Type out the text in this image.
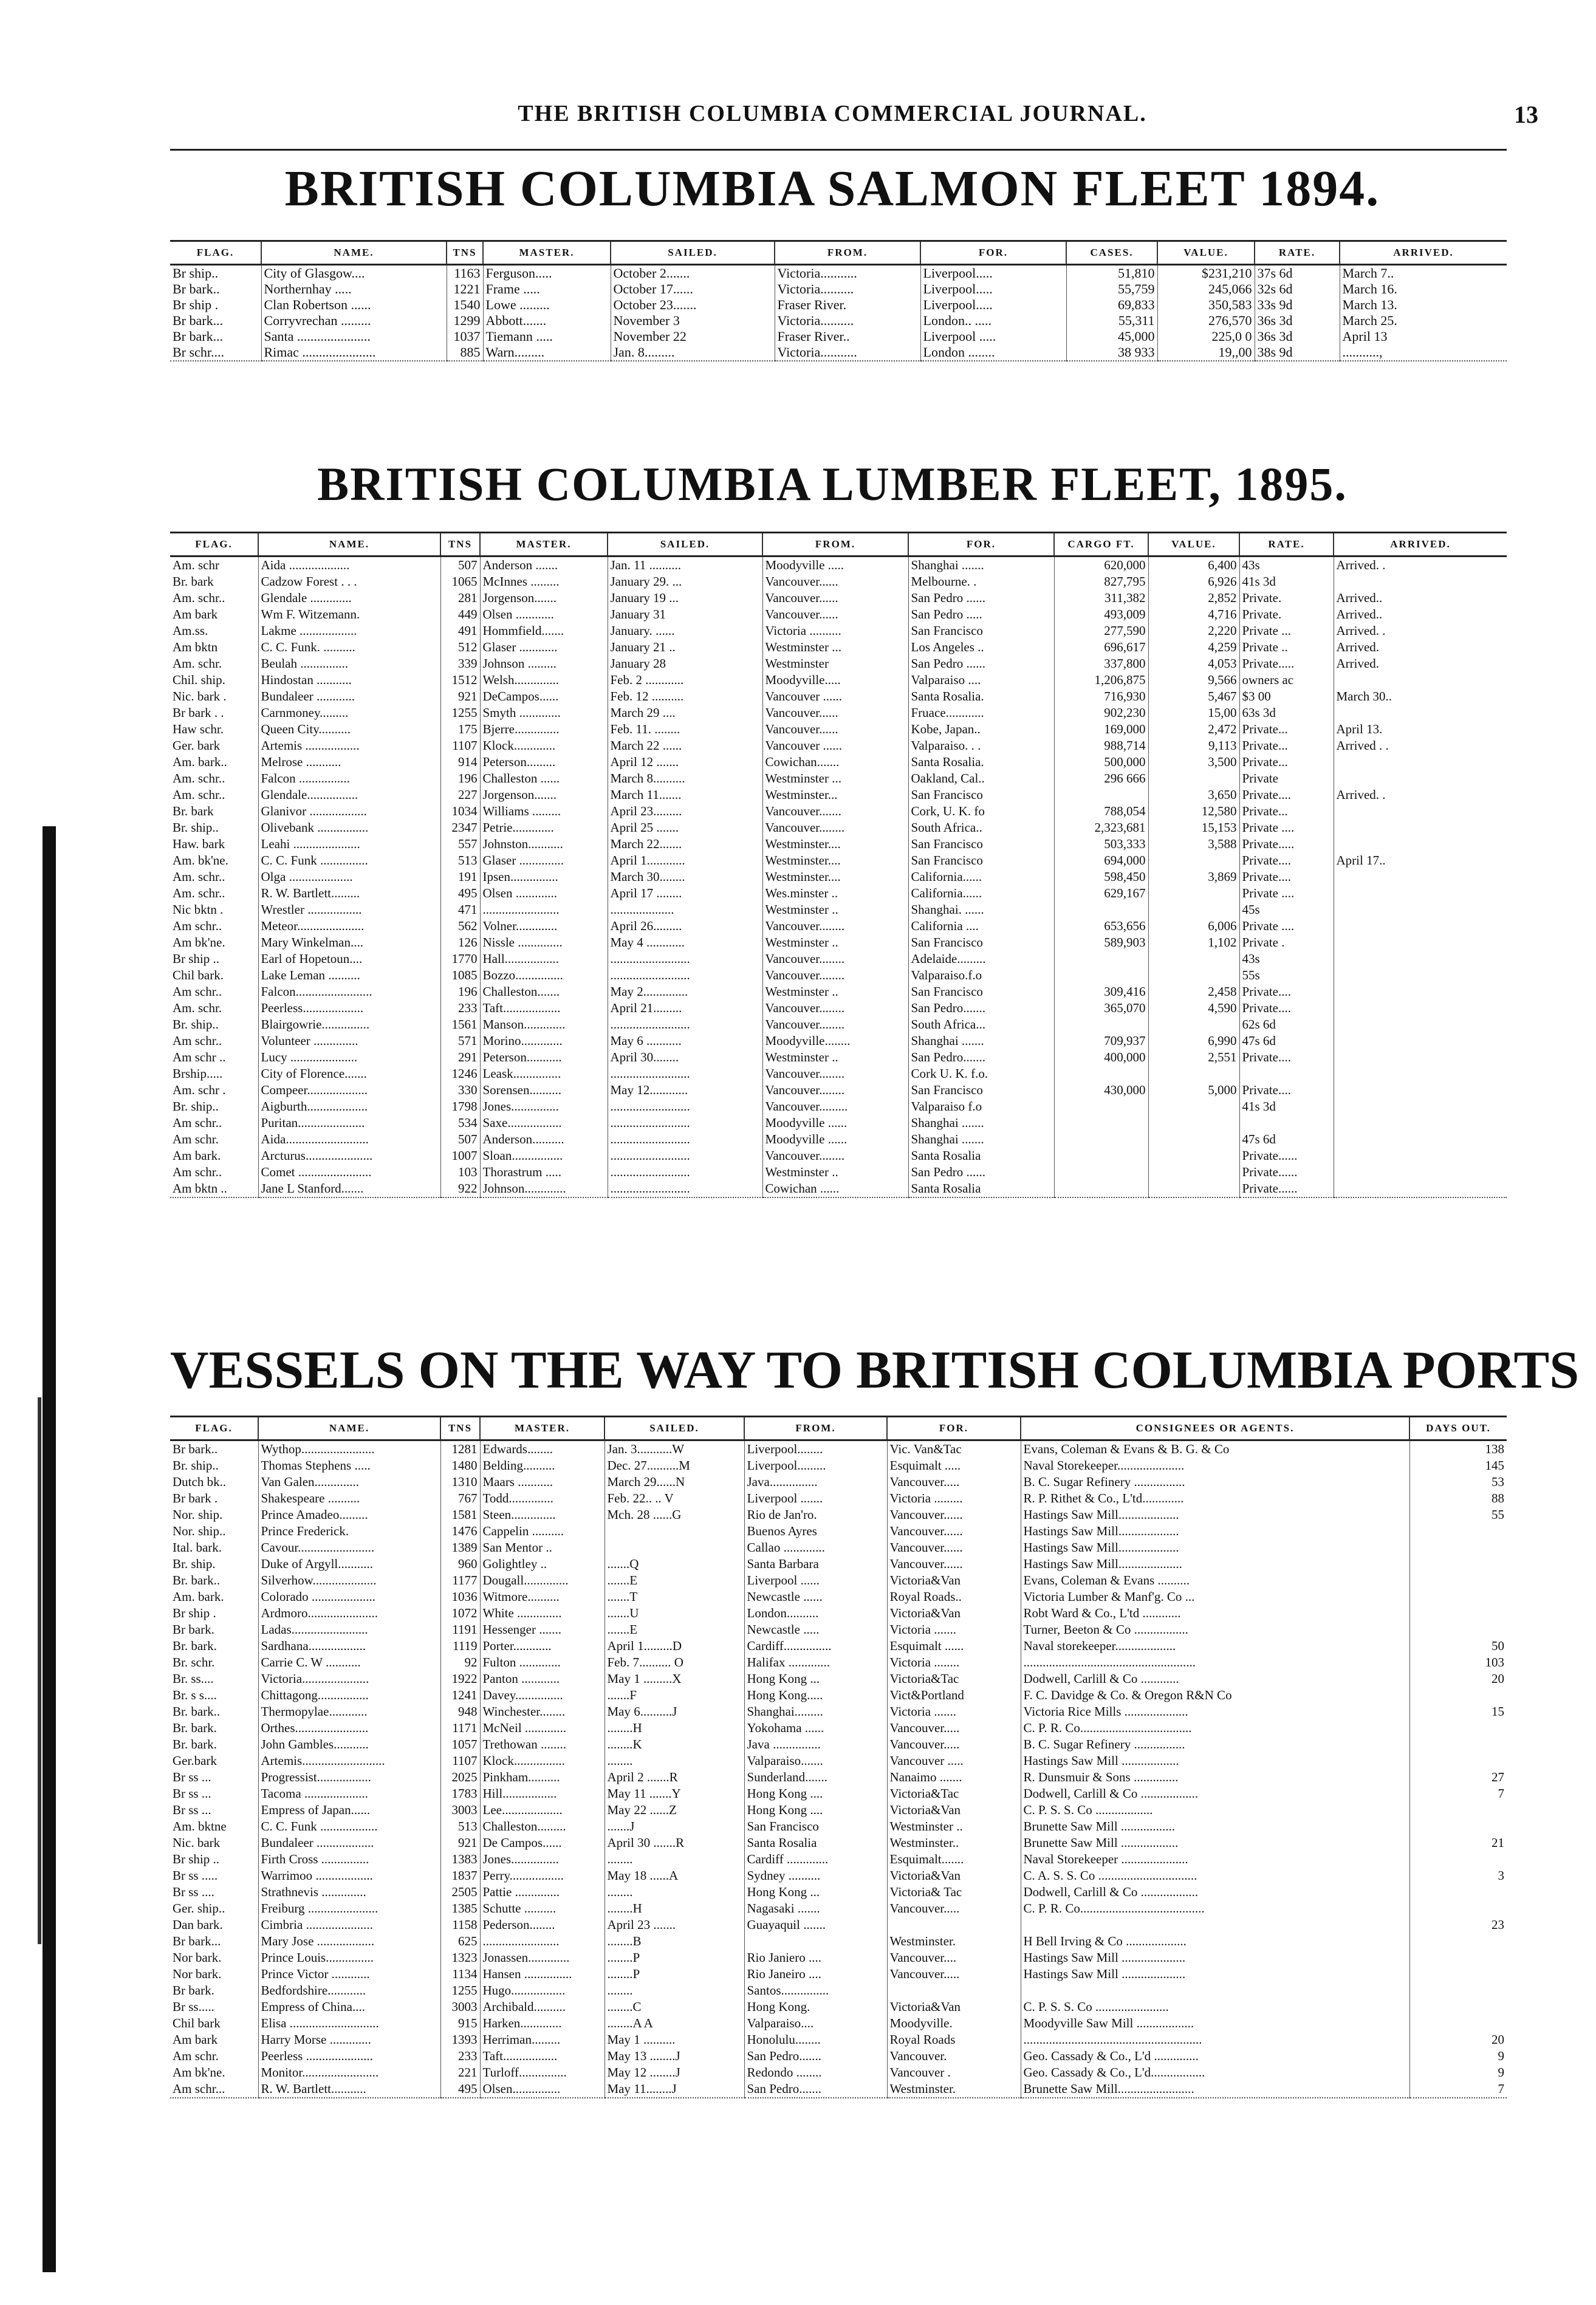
THE BRITISH COLUMBIA COMMERCIAL JOURNAL.	13
BRITISH COLUMBIA SALMON FLEET 1894.
FLAG.	NAME.	TNS	MASTER.	SAILED.	FROM.	FOR.	CASES.	VALUE.	RATE.	ARRIVED.
Br ship..	City of Glasgow....	1163	Ferguson.....	October 2.......	Victoria...........	Liverpool.....	51,810	$231,210	37s 6d	March 7..
Br bark..	Northernhay .....	1221	Frame .....	October 17......	Victoria..........	Liverpool.....	55,759	245,066	32s 6d	March 16.
Br ship .	Clan Robertson ......	1540	Lowe .........	October 23.......	Fraser River.	Liverpool.....	69,833	350,583	33s 9d	March 13.
Br bark...	Corryvrechan .........	1299	Abbott.......	November 3	Victoria..........	London.. .....	55,311	276,570	36s 3d	March 25.
Br bark...	Santa ......................	1037	Tiemann .....	November 22	Fraser River..	Liverpool .....	45,000	225,0 0	36s 3d	April 13
Br schr....	Rimac ......................	885	Warn.........	Jan. 8.........	Victoria...........	London ........	38 933	19,,00	38s 9d	...........,
BRITISH COLUMBIA LUMBER FLEET, 1895.
FLAG.	NAME.	TNS	MASTER.	SAILED.	FROM.	FOR.	CARGO FT.	VALUE.	RATE.	ARRIVED.
Am. schr	Aida ...................	507	Anderson .......	Jan. 11 ..........	Moodyville .....	Shanghai .......	620,000	6,400	43s	Arrived. .
Br. bark	Cadzow Forest . . .	1065	McInnes .........	January 29. ...	Vancouver......	Melbourne. .	827,795	6,926	41s 3d	
Am. schr..	Glendale .............	281	Jorgenson.......	January 19 ...	Vancouver......	San Pedro ......	311,382	2,852	Private.	Arrived..
Am bark	Wm F. Witzemann.	449	Olsen ............	January 31	Vancouver......	San Pedro .....	493,009	4,716	Private.	Arrived..
Am.ss.	Lakme ..................	491	Hommfield.......	January. ......	Victoria ..........	San Francisco	277,590	2,220	Private ...	Arrived. .
Am bktn	C. C. Funk. ..........	512	Glaser ............	January 21 ..	Westminster ...	Los Angeles ..	696,617	4,259	Private ..	Arrived.
Am. schr.	Beulah ...............	339	Johnson .........	January 28	Westminster	San Pedro ......	337,800	4,053	Private.....	Arrived.
Chil. ship.	Hindostan ...........	1512	Welsh..............	Feb. 2 ............	Moodyville.....	Valparaiso ....	1,206,875	9,566	owners ac	
Nic. bark .	Bundaleer ............	921	DeCampos......	Feb. 12 ..........	Vancouver ......	Santa Rosalia.	716,930	5,467	$3 00	March 30..
Br bark . .	Carnmoney.........	1255	Smyth .............	March 29 ....	Vancouver......	Fruace............	902,230	15,00	63s 3d	
Haw schr.	Queen City..........	175	Bjerre..............	Feb. 11. ........	Vancouver......	Kobe, Japan..	169,000	2,472	Private...	April 13.
Ger. bark	Artemis .................	1107	Klock.............	March 22 ......	Vancouver ......	Valparaiso. . .	988,714	9,113	Private...	Arrived . .
Am. bark..	Melrose ...........	914	Peterson.........	April 12 .......	Cowichan.......	Santa Rosalia.	500,000	3,500	Private...	
Am. schr..	Falcon ................	196	Challeston ......	March 8..........	Westminster ...	Oakland, Cal..	296 666		Private	
Am. schr..	Glendale................	227	Jorgenson.......	March 11.......	Westminster...	San Francisco		3,650	Private....	Arrived. .
Br. bark	Glanivor ..................	1034	Williams .........	April 23.........	Vancouver.......	Cork, U. K. fo	788,054	12,580	Private...	
Br. ship..	Olivebank ................	2347	Petrie.............	April 25 .......	Vancouver........	South Africa..	2,323,681	15,153	Private ....	
Haw. bark	Leahi .....................	557	Johnston...........	March 22.......	Westminster....	San Francisco	503,333	3,588	Private.....	
Am. bk'ne.	C. C. Funk ...............	513	Glaser ..............	April 1............	Westminster....	San Francisco	694,000		Private....	April 17..
Am. schr..	Olga ....................	191	Ipsen...............	March 30........	Westminster....	California......	598,450	3,869	Private....	
Am. schr..	R. W. Bartlett.........	495	Olsen .............	April 17 ........	Wes.minster ..	California......	629,167		Private ....	
Nic bktn .	Wrestler .................	471	........................	....................	Westminster ..	Shanghai. ......			45s	
Am schr..	Meteor.....................	562	Volner.............	April 26.........	Vancouver........	California ....	653,656	6,006	Private ....	
Am bk'ne.	Mary Winkelman....	126	Nissle ..............	May 4 ............	Westminster ..	San Francisco	589,903	1,102	Private .	
Br ship ..	Earl of Hopetoun....	1770	Hall.................	.........................	Vancouver........	Adelaide.........			43s	
Chil bark.	Lake Leman ..........	1085	Bozzo...............	.........................	Vancouver........	Valparaiso.f.o			55s	
Am schr..	Falcon........................	196	Challeston.......	May 2..............	Westminster ..	San Francisco	309,416	2,458	Private....	
Am. schr.	Peerless...................	233	Taft..................	April 21.........	Vancouver........	San Pedro.......	365,070	4,590	Private....	
Br. ship..	Blairgowrie...............	1561	Manson.............	.........................	Vancouver........	South Africa...			62s 6d	
Am schr..	Volunteer ..............	571	Morino.............	May 6 ...........	Moodyville........	Shanghai .......	709,937	6,990	47s 6d	
Am schr ..	Lucy .....................	291	Peterson...........	April 30........	Westminster ..	San Pedro.......	400,000	2,551	Private....	
Brship.....	City of Florence.......	1246	Leask...............	.........................	Vancouver........	Cork U. K. f.o.				
Am. schr .	Compeer...................	330	Sorensen..........	May 12............	Vancouver........	San Francisco	430,000	5,000	Private....	
Br. ship..	Aigburth...................	1798	Jones...............	.........................	Vancouver.........	Valparaiso f.o			41s 3d	
Am schr..	Puritan.....................	534	Saxe.................	.........................	Moodyville ......	Shanghai .......				
Am schr.	Aida..........................	507	Anderson..........	.........................	Moodyville ......	Shanghai .......			47s 6d	
Am bark.	Arcturus.....................	1007	Sloan................	.........................	Vancouver........	Santa Rosalia			Private......	
Am schr..	Comet .......................	103	Thorastrum .....	.........................	Westminster ..	San Pedro ......			Private......	
Am bktn ..	Jane L Stanford.......	922	Johnson.............	.........................	Cowichan ......	Santa Rosalia			Private......	
VESSELS ON THE WAY TO BRITISH COLUMBIA PORTS
FLAG.	NAME.	TNS	MASTER.	SAILED.	FROM.	FOR.	CONSIGNEES OR AGENTS.	DAYS OUT.
Br bark..	Wythop.......................	1281	Edwards........	Jan. 3...........W	Liverpool........	Vic. Van&Tac	Evans, Coleman & Evans & B. G. & Co	138
Br. ship..	Thomas Stephens .....	1480	Belding..........	Dec. 27..........M	Liverpool.........	Esquimalt .....	Naval Storekeeper.....................	145
Dutch bk..	Van Galen..............	1310	Maars ...........	March 29......N	Java...............	Vancouver.....	B. C. Sugar Refinery ................	53
Br bark .	Shakespeare ..........	767	Todd..............	Feb. 22.. .. V	Liverpool .......	Victoria .........	R. P. Rithet & Co., L'td.............	88
Nor. ship.	Prince Amadeo.........	1581	Steen..............	Mch. 28 ......G	Rio de Jan'ro.	Vancouver......	Hastings Saw Mill...................	55
Nor. ship..	Prince Frederick.	1476	Cappelin ..........		Buenos Ayres	Vancouver......	Hastings Saw Mill...................	
Ital. bark.	Cavour........................	1389	San Mentor ..		Callao .............	Vancouver......	Hastings Saw Mill...................	
Br. ship.	Duke of Argyll...........	960	Golightley ..	.......Q	Santa Barbara	Vancouver......	Hastings Saw Mill....................	
Br. bark..	Silverhow....................	1177	Dougall..............	.......E	Liverpool ......	Victoria&Van	Evans, Coleman & Evans ..........	
Am. bark.	Colorado ....................	1036	Witmore..........	.......T	Newcastle ......	Royal Roads..	Victoria Lumber & Manf'g. Co ...	
Br ship .	Ardmoro......................	1072	White ..............	.......U	London..........	Victoria&Van	Robt Ward & Co., L'td ............	
Br bark.	Ladas........................	1191	Hessenger .......	.......E	Newcastle .....	Victoria .......	Turner, Beeton & Co .................	
Br. bark.	Sardhana..................	1119	Porter............	April 1.........D	Cardiff...............	Esquimalt ......	Naval storekeeper...................	50
Br. schr.	Carrie C. W ...........	92	Fulton .............	Feb. 7.......... O	Halifax .............	Victoria ........	......................................................	103
Br. ss....	Victoria.....................	1922	Panton ............	May 1 .........X	Hong Kong ...	Victoria&Tac	Dodwell, Carlill & Co ............	20
Br. s s....	Chittagong................	1241	Davey...............	.......F	Hong Kong.....	Vict&Portland	F. C. Davidge & Co. & Oregon R&N Co	
Br. bark..	Thermopylae............	948	Winchester........	May 6..........J	Shanghai.........	Victoria .......	Victoria Rice Mills ....................	15
Br. bark.	Orthes.......................	1171	McNeil .............	........H	Yokohama ......	Vancouver.....	C. P. R. Co...................................	
Br. bark.	John Gambles...........	1057	Trethowan ........	........K	Java ...............	Vancouver.....	B. C. Sugar Refinery ................	
Ger.bark	Artemis..........................	1107	Klock................	........	Valparaiso.......	Vancouver .....	Hastings Saw Mill ..................	
Br ss ...	Progressist.................	2025	Pinkham..........	April 2 .......R	Sunderland.......	Nanaimo .......	R. Dunsmuir & Sons ..............	27
Br ss ...	Tacoma ....................	1783	Hill.................	May 11 .......Y	Hong Kong ....	Victoria&Tac	Dodwell, Carlill & Co ..................	7
Br ss ...	Empress of Japan......	3003	Lee...................	May 22 ......Z	Hong Kong ....	Victoria&Van	C. P. S. S. Co ..................	
Am. bktne	C. C. Funk ..................	513	Challeston.........	.......J	San Francisco	Westminster ..	Brunette Saw Mill .................	
Nic. bark	Bundaleer ..................	921	De Campos......	April 30 .......R	Santa Rosalia	Westminster..	Brunette Saw Mill ..................	21
Br ship ..	Firth Cross ...............	1383	Jones...............	........	Cardiff .............	Esquimalt.......	Naval Storekeeper .....................	
Br ss .....	Warrimoo ..................	1837	Perry.................	May 18 ......A	Sydney ..........	Victoria&Van	C. A. S. S. Co ...............................	3
Br ss ....	Strathnevis ..............	2505	Pattie ..............	........	Hong Kong ...	Victoria& Tac	Dodwell, Carlill & Co ..................	
Ger. ship..	Freiburg ......................	1385	Schutte ..........	........H	Nagasaki .......	Vancouver.....	C. P. R. Co.......................................	
Dan bark.	Cimbria .....................	1158	Pederson........	April 23 .......	Guayaquil .......			23
Br bark...	Mary Jose ..................	625	........................	........B		Westminster.	H Bell Irving & Co ...................	
Nor bark.	Prince Louis...............	1323	Jonassen.............	........P	Rio Janiero ....	Vancouver....	Hastings Saw Mill ....................	
Nor bark.	Prince Victor ............	1134	Hansen ...............	........P	Rio Janeiro ....	Vancouver.....	Hastings Saw Mill ....................	
Br bark.	Bedfordshire............	1255	Hugo.................	........	Santos...............			
Br ss.....	Empress of China....	3003	Archibald..........	........C	Hong Kong.	Victoria&Van	C. P. S. S. Co .......................	
Chil bark	Elisa ............................	915	Harken.............	........A A	Valparaiso....	Moodyville.	Moodyville Saw Mill ..................	
Am bark	Harry Morse .............	1393	Herriman.........	May 1 ..........	Honolulu........	Royal Roads	........................................................	20
Am schr.	Peerless .....................	233	Taft.................	May 13 ........J	San Pedro.......	Vancouver.	Geo. Cassady & Co., L'd ..............	9
Am bk'ne.	Monitor........................	221	Turloff...............	May 12 ........J	Redondo ........	Vancouver .	Geo. Cassady & Co., L'd.................	9
Am schr...	R. W. Bartlett...........	495	Olsen...............	May 11........J	San Pedro.......	Westminster.	Brunette Saw Mill........................	7
